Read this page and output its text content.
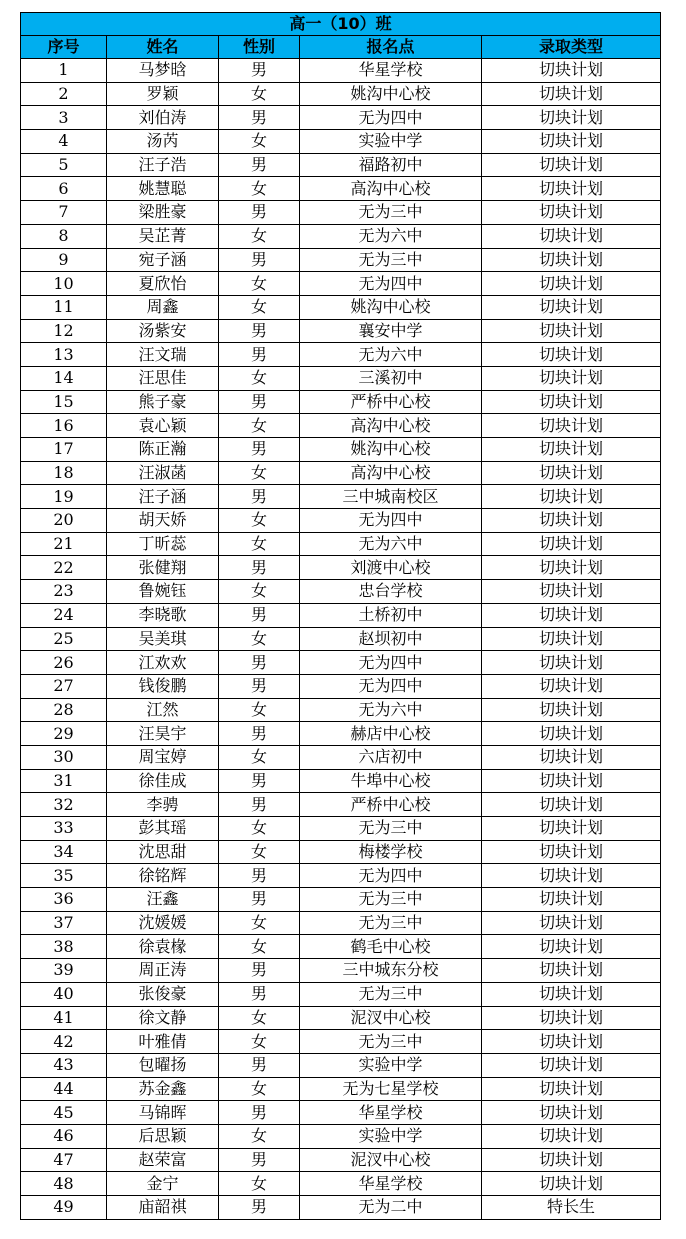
高一（10）班				
序号	姓名	性别	报名点	录取类型
1	马梦晗	男	华星学校	切块计划
2	罗颖	女	姚沟中心校	切块计划
3	刘伯涛	男	无为四中	切块计划
4	汤芮	女	实验中学	切块计划
5	汪子浩	男	福路初中	切块计划
6	姚慧聪	女	高沟中心校	切块计划
7	梁胜豪	男	无为三中	切块计划
8	吴芷菁	女	无为六中	切块计划
9	宛子涵	男	无为三中	切块计划
10	夏欣怡	女	无为四中	切块计划
11	周鑫	女	姚沟中心校	切块计划
12	汤紫安	男	襄安中学	切块计划
13	汪文瑞	男	无为六中	切块计划
14	汪思佳	女	三溪初中	切块计划
15	熊子豪	男	严桥中心校	切块计划
16	袁心颖	女	高沟中心校	切块计划
17	陈正瀚	男	姚沟中心校	切块计划
18	汪淑菡	女	高沟中心校	切块计划
19	汪子涵	男	三中城南校区	切块计划
20	胡天娇	女	无为四中	切块计划
21	丁昕蕊	女	无为六中	切块计划
22	张健翔	男	刘渡中心校	切块计划
23	鲁婉钰	女	忠台学校	切块计划
24	李晓歌	男	土桥初中	切块计划
25	吴美琪	女	赵坝初中	切块计划
26	江欢欢	男	无为四中	切块计划
27	钱俊鹏	男	无为四中	切块计划
28	江然	女	无为六中	切块计划
29	汪昊宇	男	赫店中心校	切块计划
30	周宝婷	女	六店初中	切块计划
31	徐佳成	男	牛埠中心校	切块计划
32	李骋	男	严桥中心校	切块计划
33	彭其瑶	女	无为三中	切块计划
34	沈思甜	女	梅楼学校	切块计划
35	徐铭辉	男	无为四中	切块计划
36	汪鑫	男	无为三中	切块计划
37	沈媛媛	女	无为三中	切块计划
38	徐袁椽	女	鹤毛中心校	切块计划
39	周正涛	男	三中城东分校	切块计划
40	张俊豪	男	无为三中	切块计划
41	徐文静	女	泥汊中心校	切块计划
42	叶雅倩	女	无为三中	切块计划
43	包曜扬	男	实验中学	切块计划
44	苏金鑫	女	无为七星学校	切块计划
45	马锦晖	男	华星学校	切块计划
46	后思颖	女	实验中学	切块计划
47	赵荣富	男	泥汊中心校	切块计划
48	金宁	女	华星学校	切块计划
49	庙韶祺	男	无为二中	特长生
